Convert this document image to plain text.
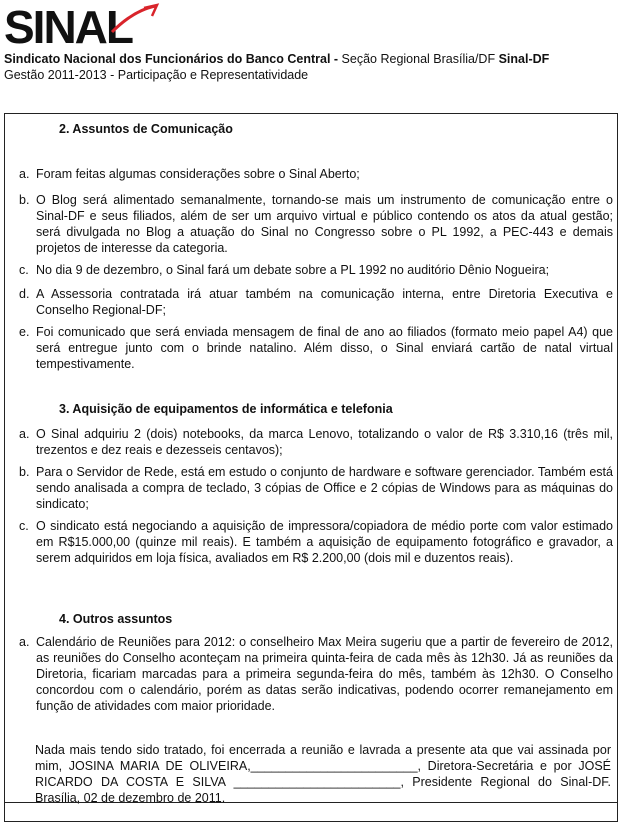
SINAL
Sindicato Nacional dos Funcionários do Banco Central - Seção Regional Brasília/DF Sinal-DF
Gestão 2011-2013 - Participação e Representatividade
2. Assuntos de Comunicação
a. Foram feitas algumas considerações sobre o Sinal Aberto;
b. O Blog será alimentado semanalmente, tornando-se mais um instrumento de comunicação entre o Sinal-DF e seus filiados, além de ser um arquivo virtual e público contendo os atos da atual gestão; será divulgada no Blog a atuação do Sinal no Congresso sobre o PL 1992, a PEC-443 e demais projetos de interesse da categoria.
c. No dia 9 de dezembro, o Sinal fará um debate sobre a PL 1992 no auditório Dênio Nogueira;
d. A Assessoria contratada irá atuar também na comunicação interna, entre Diretoria Executiva e Conselho Regional-DF;
e. Foi comunicado que será enviada mensagem de final de ano ao filiados (formato meio papel A4) que será entregue junto com o brinde natalino. Além disso, o Sinal enviará cartão de natal virtual tempestivamente.
3. Aquisição de equipamentos de informática e telefonia
a. O Sinal adquiriu 2 (dois) notebooks, da marca Lenovo, totalizando o valor de R$ 3.310,16 (três mil, trezentos e dez reais e dezesseis centavos);
b. Para o Servidor de Rede, está em estudo o conjunto de hardware e software gerenciador. Também está sendo analisada a compra de teclado, 3 cópias de Office e 2 cópias de Windows para as máquinas do sindicato;
c. O sindicato está negociando a aquisição de impressora/copiadora de médio porte com valor estimado em R$15.000,00 (quinze mil reais). E também a aquisição de equipamento fotográfico e gravador, a serem adquiridos em loja física, avaliados em R$ 2.200,00 (dois mil e duzentos reais).
4. Outros assuntos
a. Calendário de Reuniões para 2012: o conselheiro Max Meira sugeriu que a partir de fevereiro de 2012, as reuniões do Conselho aconteçam na primeira quinta-feira de cada mês às 12h30. Já as reuniões da Diretoria, ficariam marcadas para a primeira segunda-feira do mês, também às 12h30. O Conselho concordou com o calendário, porém as datas serão indicativas, podendo ocorrer remanejamento em função de atividades com maior prioridade.
Nada mais tendo sido tratado, foi encerrada a reunião e lavrada a presente ata que vai assinada por mim, JOSINA MARIA DE OLIVEIRA,________________________, Diretora-Secretária e por JOSÉ RICARDO DA COSTA E SILVA ________________________, Presidente Regional do Sinal-DF. Brasília, 02 de dezembro de 2011.
